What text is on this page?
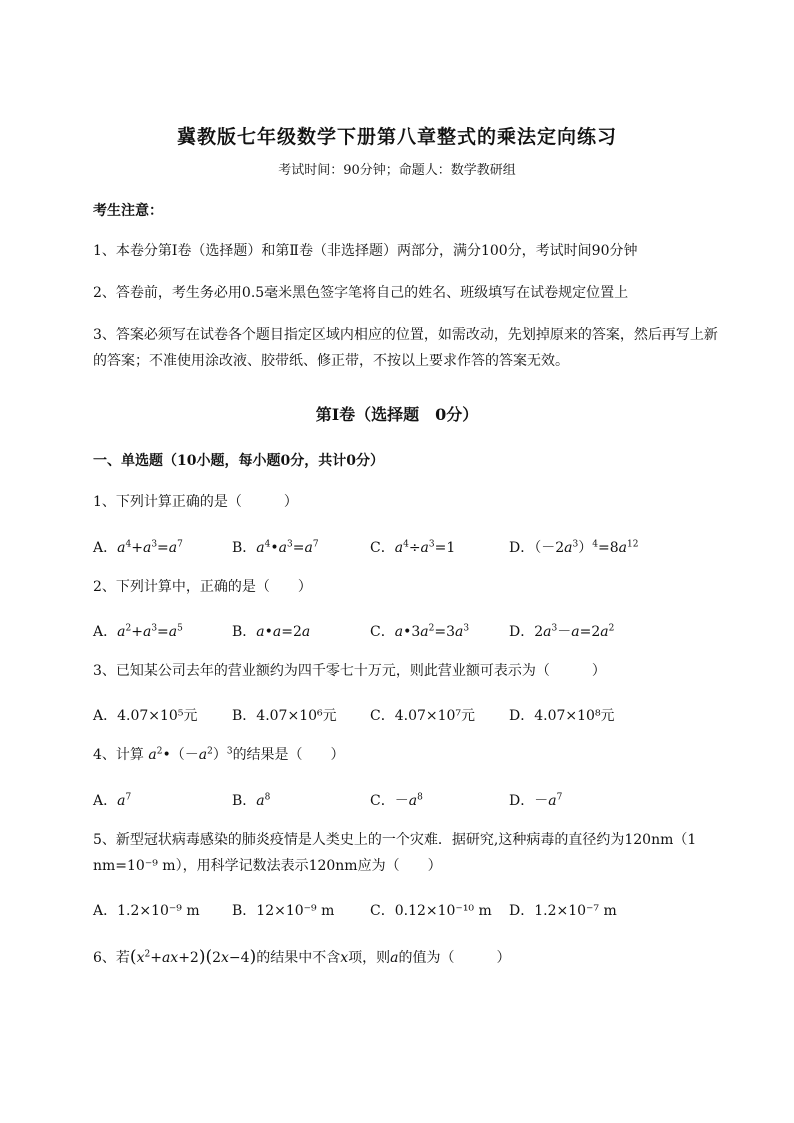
冀教版七年级数学下册第八章整式的乘法定向练习
考试时间：90分钟；命题人：数学教研组
考生注意：
1、本卷分第I卷（选择题）和第Ⅱ卷（非选择题）两部分，满分100分，考试时间90分钟
2、答卷前，考生务必用0.5毫米黑色签字笔将自己的姓名、班级填写在试卷规定位置上
3、答案必须写在试卷各个题目指定区域内相应的位置，如需改动，先划掉原来的答案，然后再写上新
的答案；不准使用涂改液、胶带纸、修正带，不按以上要求作答的答案无效。
第I卷（选择题　0分）
一、单选题（10小题，每小题0分，共计0分）
1、下列计算正确的是（　　　）
A．$a^4+a^3=a^7$	B．$a^4•a^3=a^7$	C．$a^4\div a^3=1$	D．$(-2a^3)^4=8a^{12}$
2、下列计算中，正确的是（　　）
A．$a^2+a^3=a^5$	B．a•a=2a	C．$a•3a^2=3a^3$	D．$2a^3-a=2a^2$
3、已知某公司去年的营业额约为四千零七十万元，则此营业额可表示为（　　　）
A．4.07×10⁵元 B．4.07×10⁶元 C．4.07×10⁷元 D．4.07×10⁸元
4、计算 $a^2•(-a^2)^3$的结果是（　　）
A．$a^7$	B．$a^8$	C．$-a^8$	D．$-a^7$
5、新型冠状病毒感染的肺炎疫情是人类史上的一个灾难．据研究,这种病毒的直径约为120nm（1
nm=10⁻⁹ m），用科学记数法表示120nm应为（　　）
A．1.2×10⁻⁹ m B．12×10⁻⁹ m	C．0.12×10⁻¹⁰ m D．1.2×10⁻⁷ m
6、若$(x^2+ax+2)(2x-4)$的结果中不含x项，则a的值为（　　　）
